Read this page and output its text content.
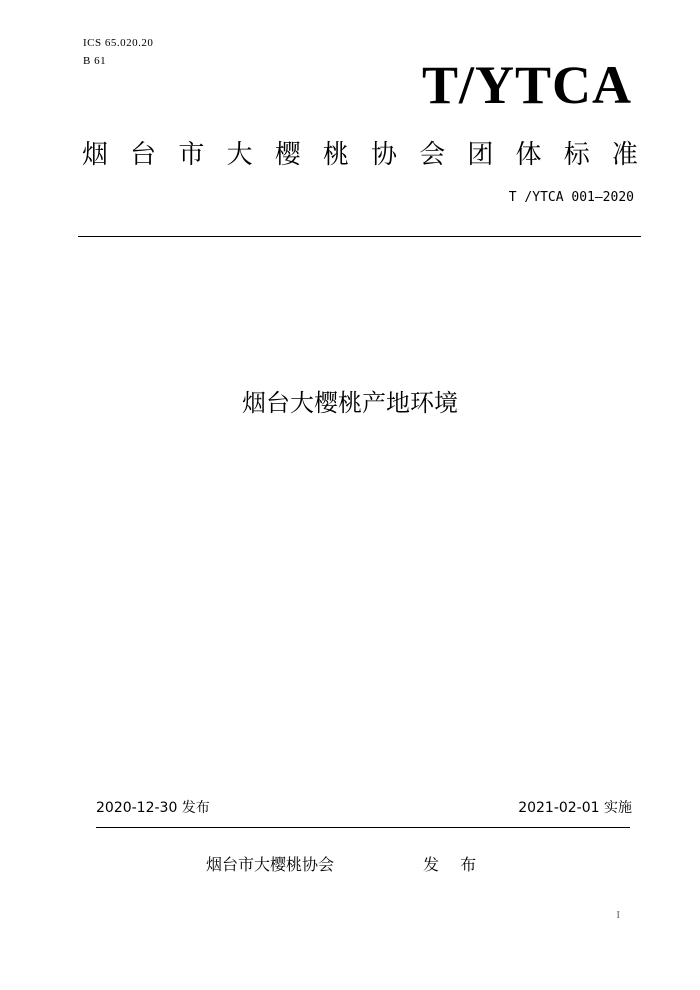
ICS 65.020.20
B 61	T/YTCA
烟 台 市 大 樱 桃 协 会 团 体 标 准
T /YTCA 001—2020
烟台大樱桃产地环境
2020-12-30 发布	2021-02-01 实施
烟台市大樱桃协会	发 布
I
